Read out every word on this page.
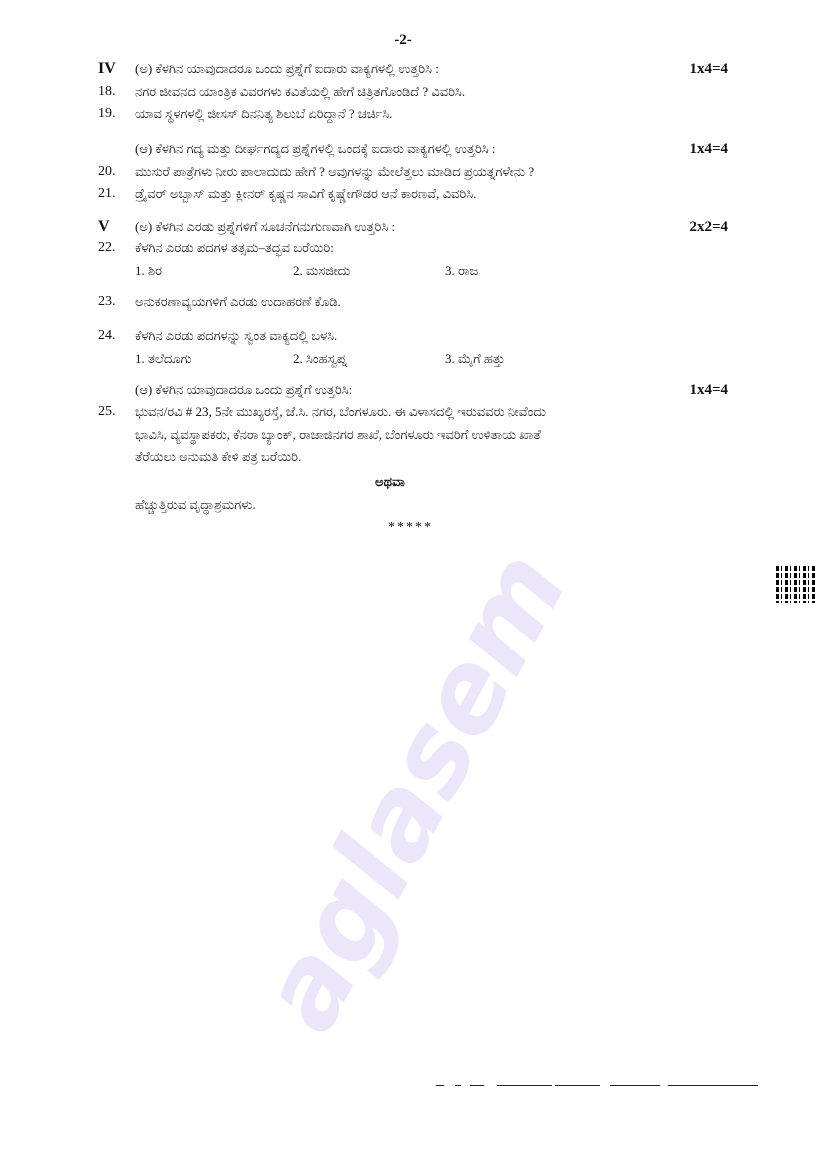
aglasem
-2-
IV	(ಅ) ಕೆಳಗಿನ ಯಾವುದಾದರೂ ಒಂದು ಪ್ರಶ್ನೆಗೆ ಐದಾರು ವಾಕ್ಯಗಳಲ್ಲಿ ಉತ್ತರಿಸಿ :	1x4=4
18.	ನಗರ ಜೀವನದ ಯಾಂತ್ರಿಕ ವಿವರಗಳು ಕವಿತೆಯಲ್ಲಿ ಹೇಗೆ ಚಿತ್ರಿತಗೊಂಡಿದೆ ? ವಿವರಿಸಿ.
19.	ಯಾವ ಸ್ಥಳಗಳಲ್ಲಿ ಜೀಸಸ್ ದಿನನಿತ್ಯ ಶಿಲುಬೆ ಏರಿದ್ದಾನೆ ? ಚರ್ಚಿಸಿ.
(ಆ) ಕೆಳಗಿನ ಗದ್ಯ ಮತ್ತು ದೀರ್ಘಗದ್ಯದ ಪ್ರಶ್ನೆಗಳಲ್ಲಿ ಒಂದಕ್ಕೆ ಐದಾರು ವಾಕ್ಯಗಳಲ್ಲಿ ಉತ್ತರಿಸಿ :	1x4=4
20.	ಮುಸುರೆ ಪಾತ್ರೆಗಳು ನೀರು ಪಾಲಾದುದು ಹೇಗೆ ? ಅವುಗಳನ್ನು ಮೇಲೆತ್ತಲು ಮಾಡಿದ ಪ್ರಯತ್ನಗಳೇನು ?
21.	ಡ್ರೈವರ್ ಅಬ್ಬಾಸ್ ಮತ್ತು ಕ್ಲೀನರ್ ಕೃಷ್ಣನ ಸಾವಿಗೆ ಕೃಷ್ಣೇಗೌಡರ ಆನೆ ಕಾರಣವೆ, ವಿವರಿಸಿ.
V	(ಅ) ಕೆಳಗಿನ ಎರಡು ಪ್ರಶ್ನೆಗಳಿಗೆ ಸೂಚನೆಗನುಗುಣವಾಗಿ ಉತ್ತರಿಸಿ :	2x2=4
22.	ಕೆಳಗಿನ ಎರಡು ಪದಗಳ ತತ್ಸಮ–ತದ್ಭವ ಬರೆಯಿರಿ:
1. ಶಿರ	2. ಮಸಜೀದು	3. ರಾಜ
23.	ಅನುಕರಣಾವ್ಯಯಗಳಿಗೆ ಎರಡು ಉದಾಹರಣೆ ಕೊಡಿ.
24.	ಕೆಳಗಿನ ಎರಡು ಪದಗಳನ್ನು ಸ್ವಂತ ವಾಕ್ಯದಲ್ಲಿ ಬಳಸಿ.
1. ತಲೆದೂಗು	2. ಸಿಂಹಸ್ವಪ್ನ	3. ಮೈಗೆ ಹತ್ತು
(ಆ) ಕೆಳಗಿನ ಯಾವುದಾದರೂ ಒಂದು ಪ್ರಶ್ನೆಗೆ ಉತ್ತರಿಸಿ:	1x4=4
25.	ಭುವನ/ರವಿ # 23, 5ನೇ ಮುಖ್ಯರಸ್ತೆ, ಜೆ.ಸಿ. ನಗರ, ಬೆಂಗಳೂರು. ಈ ವಿಳಾಸದಲ್ಲಿ ಇರುವವರು ನೀವೆಂದು
ಭಾವಿಸಿ, ವ್ಯವಸ್ಥಾಪಕರು, ಕೆನರಾ ಬ್ಯಾಂಕ್, ರಾಜಾಜಿನಗರ ಶಾಖೆ, ಬೆಂಗಳೂರು ಇವರಿಗೆ ಉಳಿತಾಯ ಖಾತೆ
ತೆರೆಯಲು ಅನುಮತಿ ಕೇಳಿ ಪತ್ರ ಬರೆಯಿರಿ.
ಅಥವಾ
ಹೆಚ್ಚುತ್ತಿರುವ ವೃದ್ಧಾಶ್ರಮಗಳು.
*****
